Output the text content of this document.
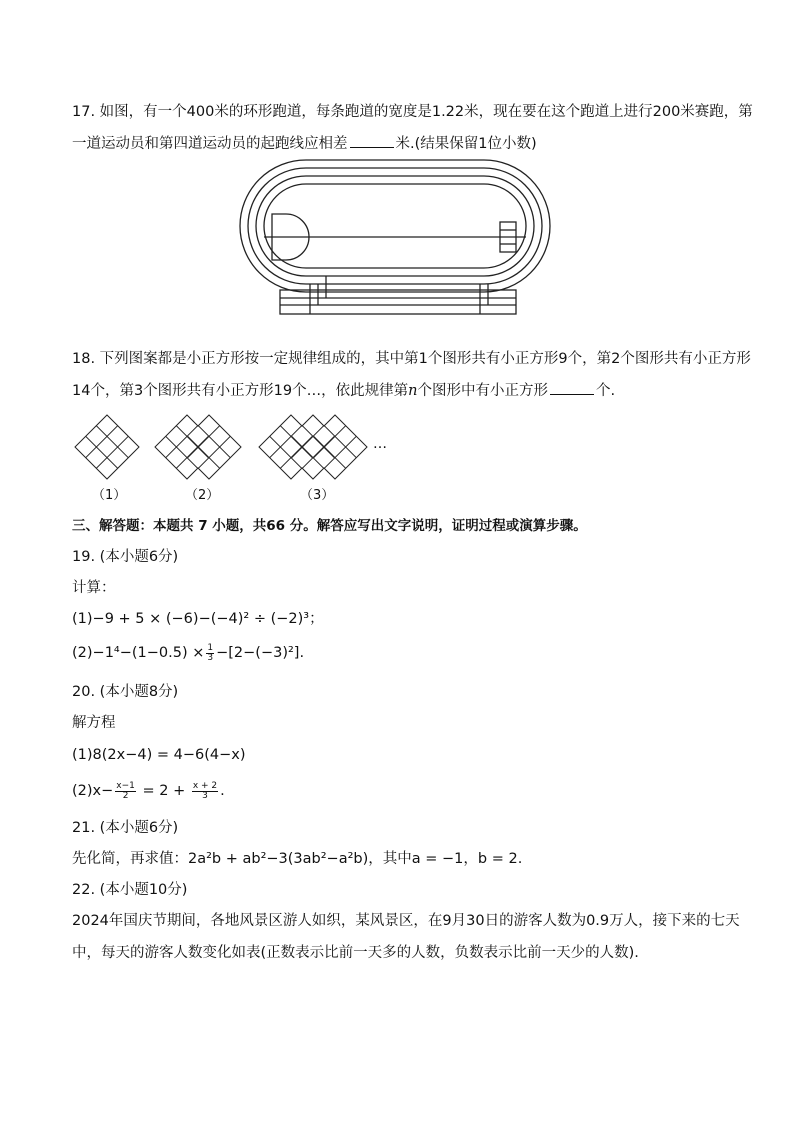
17. 如图，有一个400米的环形跑道，每条跑道的宽度是1.22米，现在要在这个跑道上进行200米赛跑，第
一道运动员和第四道运动员的起跑线应相差	米.(结果保留1位小数)
18. 下列图案都是小正方形按一定规律组成的，其中第1个图形共有小正方形9个，第2个图形共有小正方形
14个，第3个图形共有小正方形19个…，依此规律第n个图形中有小正方形	个.
（1）	（2）	（3）
…
三、解答题：本题共 7 小题，共66 分。解答应写出文字说明，证明过程或演算步骤。
19. (本小题6分)
计算：
(1)−9 + 5 × (−6)−(−4)² ÷ (−2)³；
$(2)-1^4-(1-0.5) \times \frac{1}{3} -[2-(-3)^2]$.
20. (本小题8分)
解方程
(1)8(2x−4) = 4−6(4−x)
$(2)x- \frac{x-1}{2} = 2 + \frac{x + 2}{3}$ .
21. (本小题6分)
先化简，再求值：2a²b + ab²−3(3ab²−a²b)，其中a = −1，b = 2.
22. (本小题10分)
2024年国庆节期间，各地风景区游人如织，某风景区，在9月30日的游客人数为0.9万人，接下来的七天
中，每天的游客人数变化如表(正数表示比前一天多的人数，负数表示比前一天少的人数).
